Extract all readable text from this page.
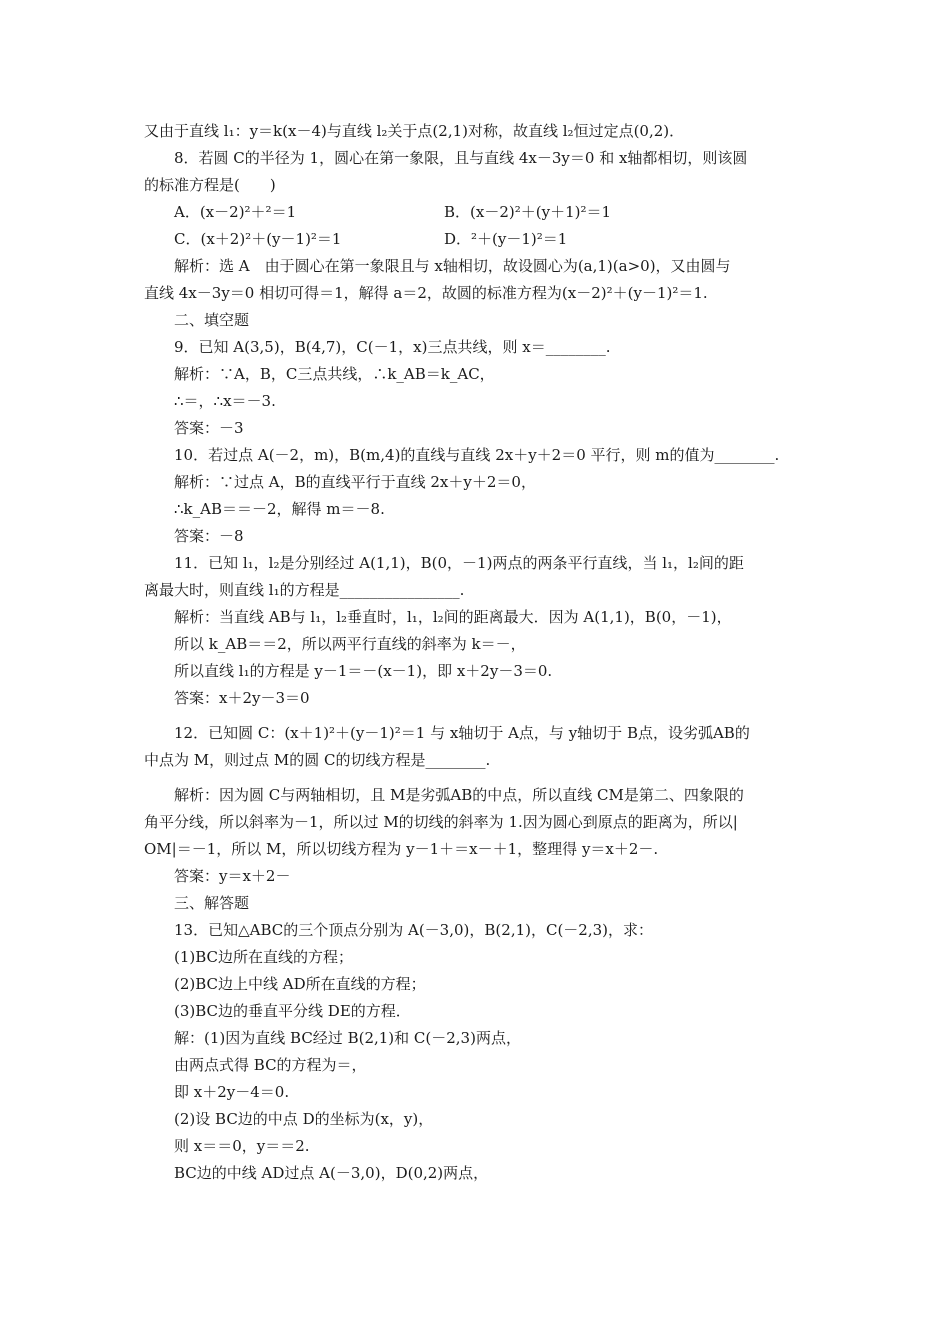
又由于直线 l₁：y＝k(x－4)与直线 l₂关于点(2,1)对称，故直线 l₂恒过定点(0,2)．
8．若圆 C的半径为 1，圆心在第一象限，且与直线 4x－3y＝0 和 x轴都相切，则该圆
的标准方程是(　　)
A．(x－2)²＋²＝1	B．(x－2)²＋(y＋1)²＝1
C．(x＋2)²＋(y－1)²＝1	D．²＋(y－1)²＝1
解析：选 A　由于圆心在第一象限且与 x轴相切，故设圆心为(a,1)(a>0)，又由圆与
直线 4x－3y＝0 相切可得＝1，解得 a＝2，故圆的标准方程为(x－2)²＋(y－1)²＝1.
二、填空题
9．已知 A(3,5)，B(4,7)，C(－1，x)三点共线，则 x＝________.
解析：∵A，B，C三点共线，∴k_AB＝k_AC，
∴＝，∴x＝－3.
答案：－3
10．若过点 A(－2，m)，B(m,4)的直线与直线 2x＋y＋2＝0 平行，则 m的值为________.
解析：∵过点 A，B的直线平行于直线 2x＋y＋2＝0，
∴k_AB＝＝－2，解得 m＝－8.
答案：－8
11．已知 l₁，l₂是分别经过 A(1,1)，B(0，－1)两点的两条平行直线，当 l₁，l₂间的距
离最大时，则直线 l₁的方程是________________.
解析：当直线 AB与 l₁，l₂垂直时，l₁，l₂间的距离最大．因为 A(1,1)，B(0，－1)，
所以 k_AB＝＝2，所以两平行直线的斜率为 k＝－，
所以直线 l₁的方程是 y－1＝－(x－1)，即 x＋2y－3＝0.
答案：x＋2y－3＝0
12．已知圆 C：(x＋1)²＋(y－1)²＝1 与 x轴切于 A点，与 y轴切于 B点，设劣弧AB的
中点为 M，则过点 M的圆 C的切线方程是________.
解析：因为圆 C与两轴相切，且 M是劣弧AB的中点，所以直线 CM是第二、四象限的
角平分线，所以斜率为－1，所以过 M的切线的斜率为 1.因为圆心到原点的距离为，所以|
OM|＝－1，所以 M，所以切线方程为 y－1＋＝x－＋1，整理得 y＝x＋2－.
答案：y＝x＋2－
三、解答题
13．已知△ABC的三个顶点分别为 A(－3,0)，B(2,1)，C(－2,3)，求：
(1)BC边所在直线的方程；
(2)BC边上中线 AD所在直线的方程；
(3)BC边的垂直平分线 DE的方程．
解：(1)因为直线 BC经过 B(2,1)和 C(－2,3)两点，
由两点式得 BC的方程为＝，
即 x＋2y－4＝0.
(2)设 BC边的中点 D的坐标为(x，y)，
则 x＝＝0，y＝＝2.
BC边的中线 AD过点 A(－3,0)，D(0,2)两点，
